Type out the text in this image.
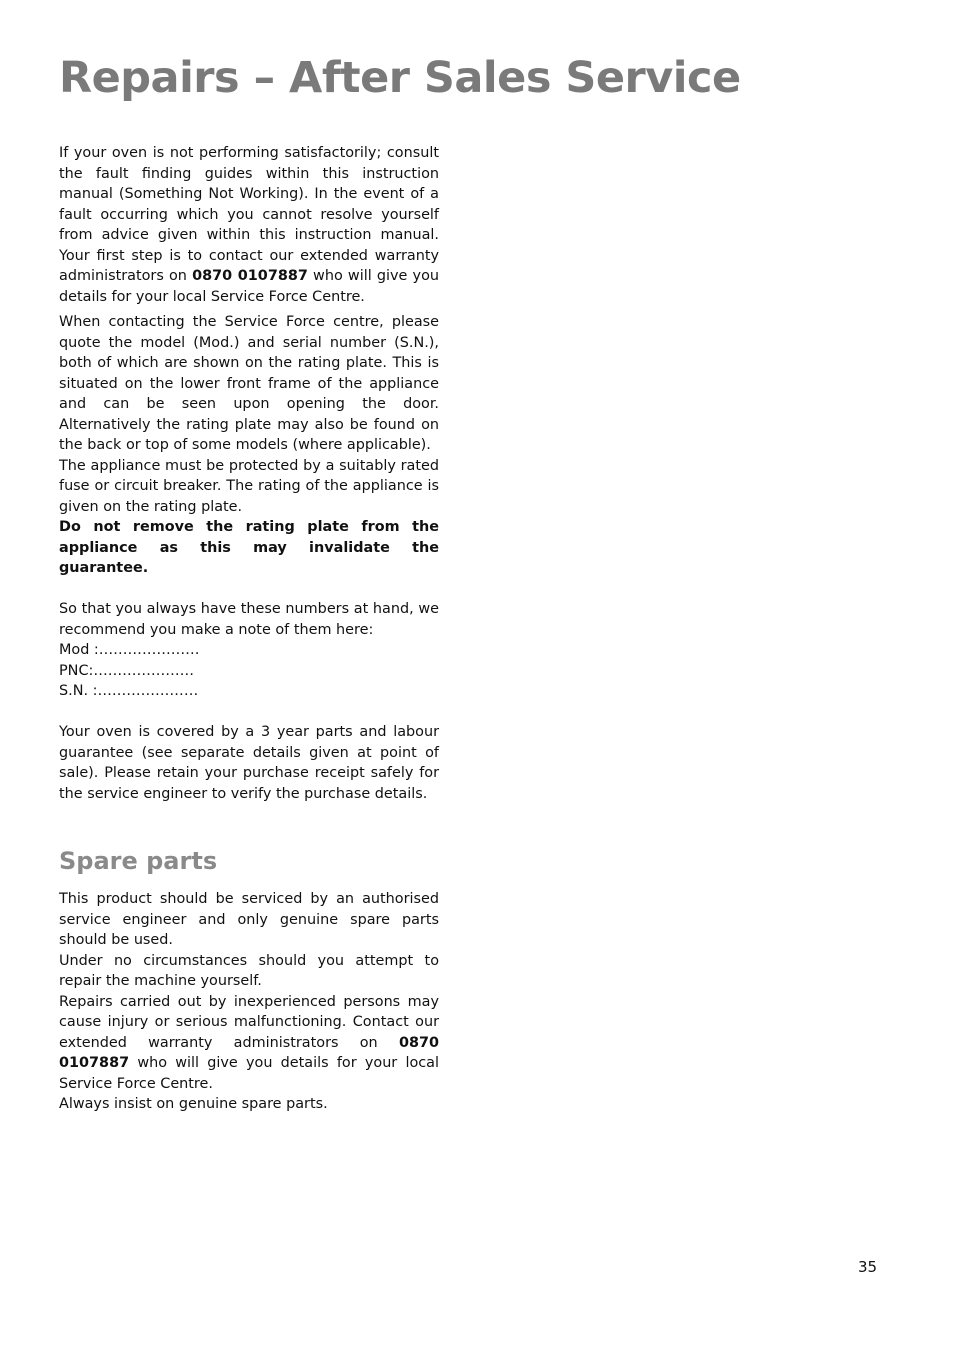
Repairs – After Sales Service

If your oven is not performing satisfactorily; consult the fault finding guides within this instruction manual (Something Not Working). In the event of a fault occurring which you cannot resolve yourself from advice given within this instruction manual. Your first step is to contact our extended warranty administrators on 0870 0107887 who will give you details for your local Service Force Centre.

When contacting the Service Force centre, please quote the model (Mod.) and serial number (S.N.), both of which are shown on the rating plate. This is situated on the lower front frame of the appliance and can be seen upon opening the door. Alternatively the rating plate may also be found on the back or top of some models (where applicable).

The appliance must be protected by a suitably rated fuse or circuit breaker. The rating of the appliance is given on the rating plate.

Do not remove the rating plate from the appliance as this may invalidate the guarantee.

So that you always have these numbers at hand, we recommend you make a note of them here:

Mod :…………………

PNC:…………………

S.N. :…………………

Your oven is covered by a 3 year parts and labour guarantee (see separate details given at point of sale). Please retain your purchase receipt safely for the service engineer to verify the purchase details.

Spare parts

This product should be serviced by an authorised service engineer and only genuine spare parts should be used.

Under no circumstances should you attempt to repair the machine yourself.

Repairs carried out by inexperienced persons may cause injury or serious malfunctioning. Contact our extended warranty administrators on 0870 0107887 who will give you details for your local Service Force Centre.

Always insist on genuine spare parts.

35
